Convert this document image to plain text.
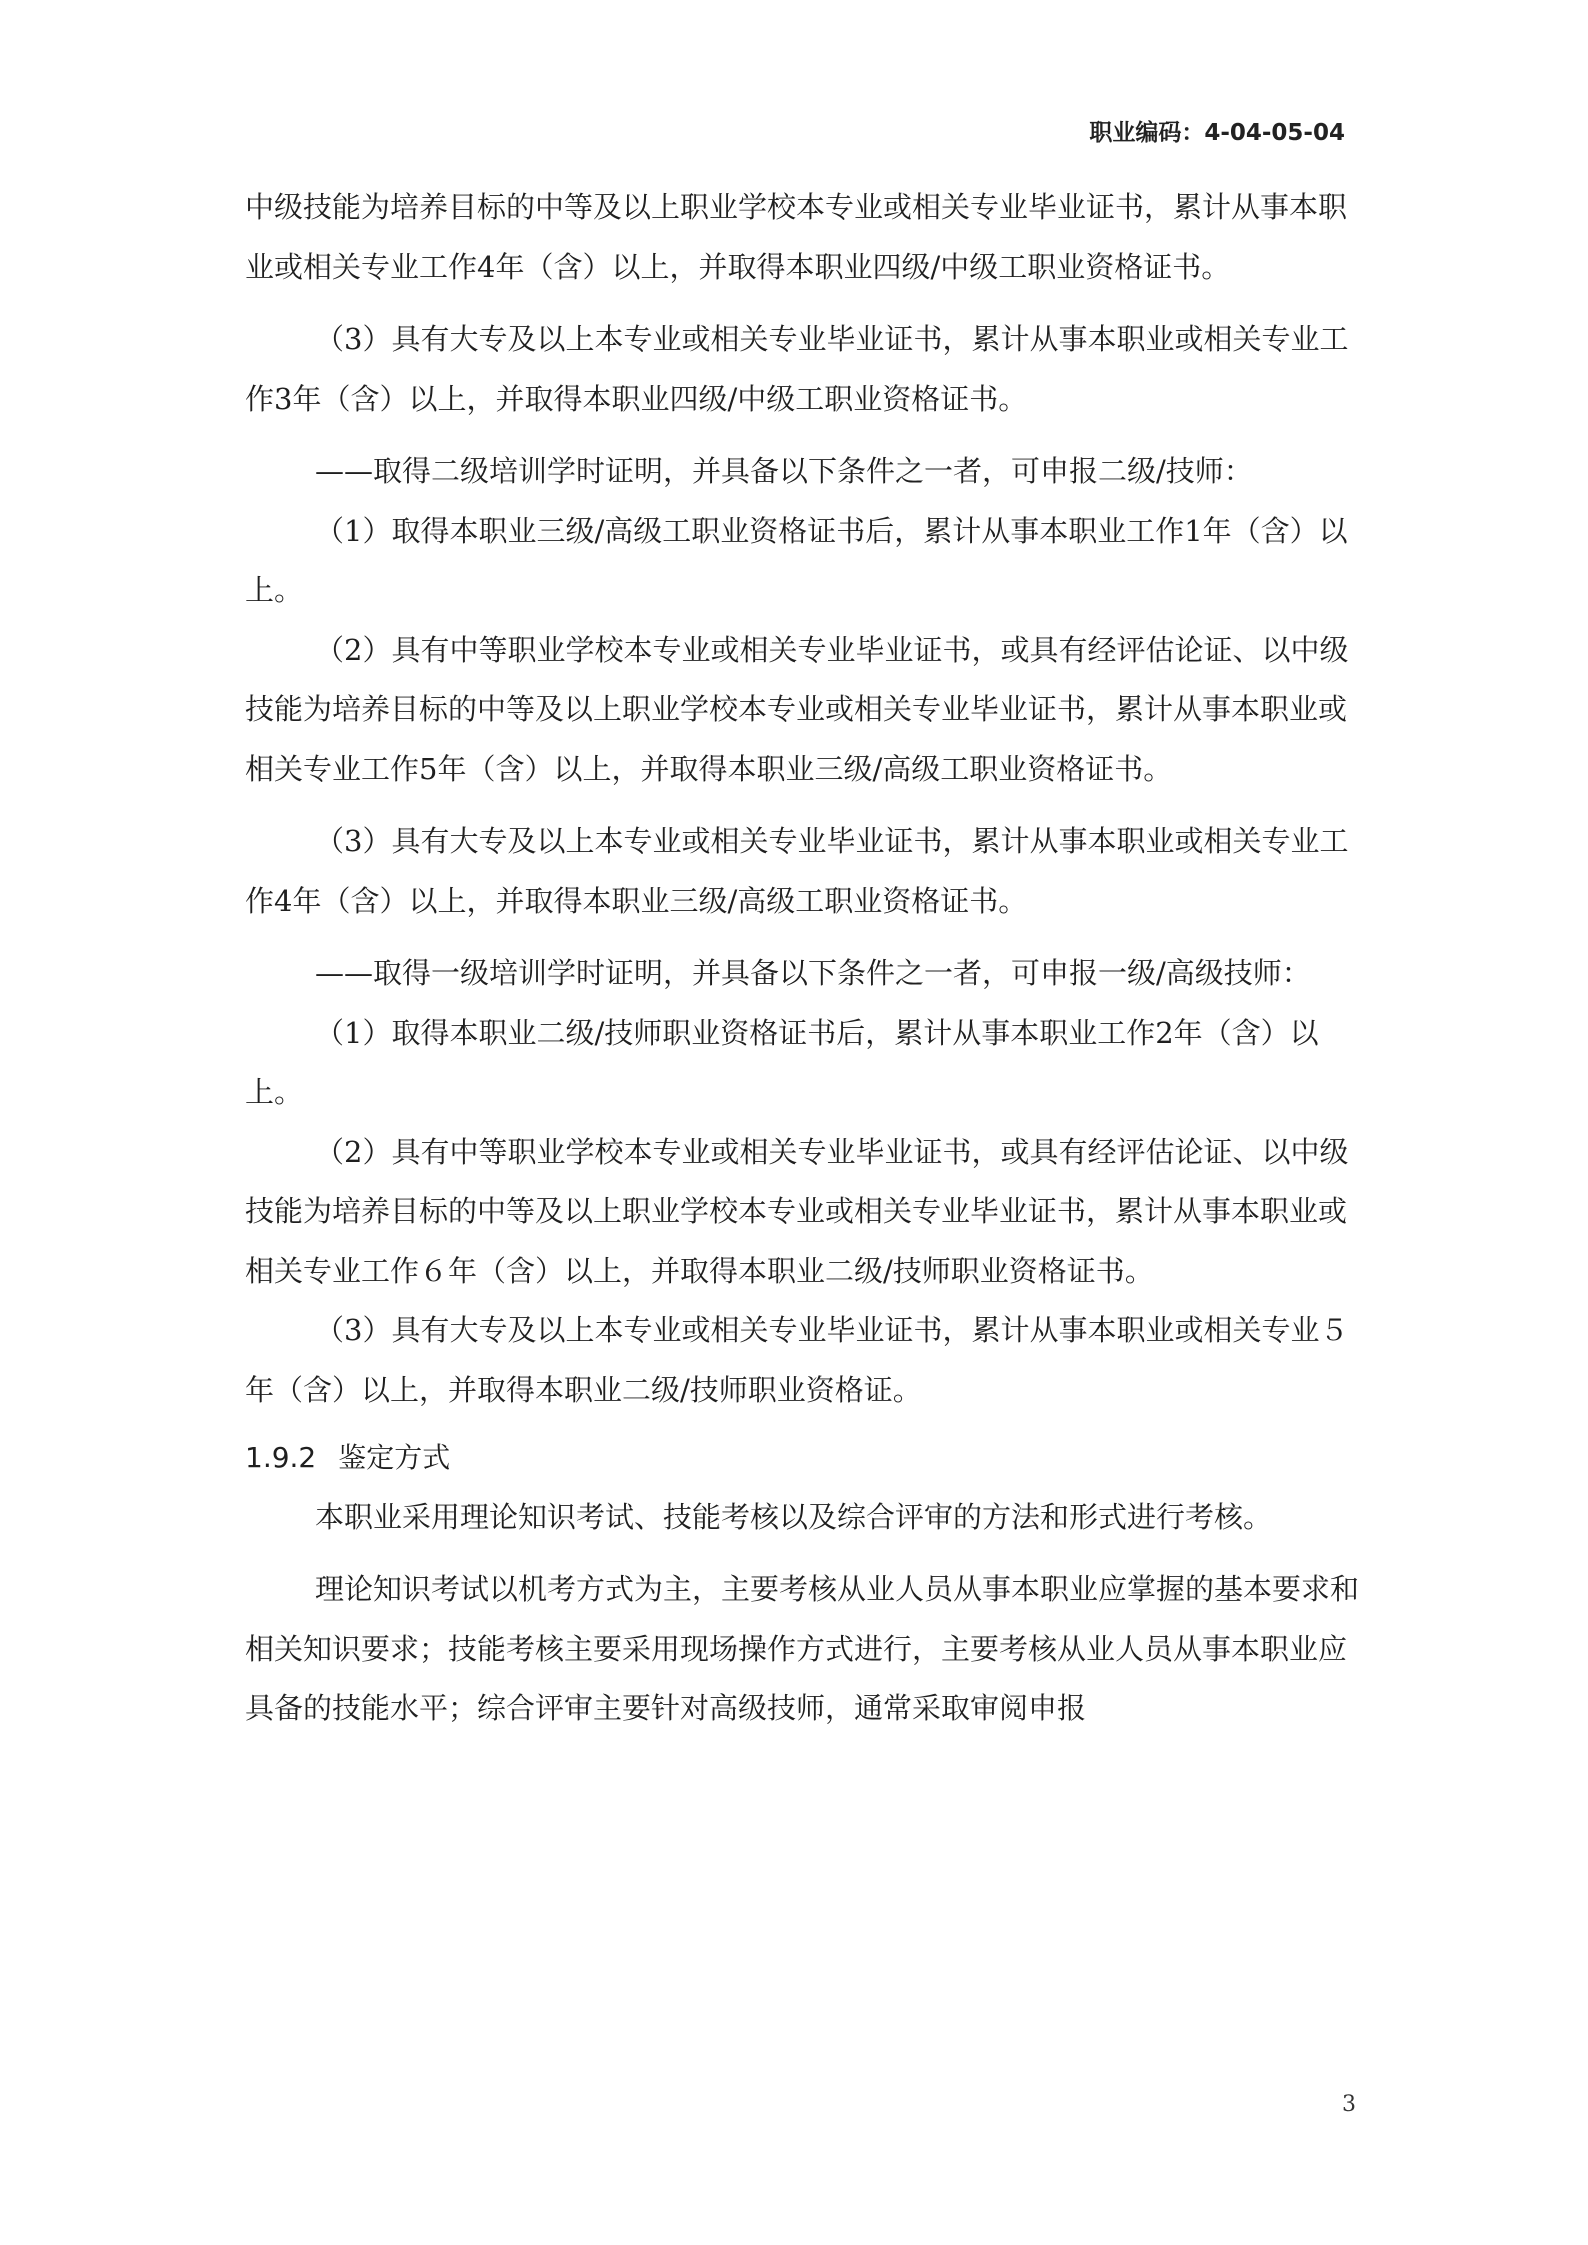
职业编码：4-04-05-04

中级技能为培养目标的中等及以上职业学校本专业或相关专业毕业证书，累计从事本职业或相关专业工作4年（含）以上，并取得本职业四级/中级工职业资格证书。

（3）具有大专及以上本专业或相关专业毕业证书，累计从事本职业或相关专业工作3年（含）以上，并取得本职业四级/中级工职业资格证书。

——取得二级培训学时证明，并具备以下条件之一者，可申报二级/技师：

（1）取得本职业三级/高级工职业资格证书后，累计从事本职业工作1年（含）以上。

（2）具有中等职业学校本专业或相关专业毕业证书，或具有经评估论证、以中级技能为培养目标的中等及以上职业学校本专业或相关专业毕业证书，累计从事本职业或相关专业工作5年（含）以上，并取得本职业三级/高级工职业资格证书。

（3）具有大专及以上本专业或相关专业毕业证书，累计从事本职业或相关专业工作4年（含）以上，并取得本职业三级/高级工职业资格证书。

——取得一级培训学时证明，并具备以下条件之一者，可申报一级/高级技师：

（1）取得本职业二级/技师职业资格证书后，累计从事本职业工作2年（含）以上。

（2）具有中等职业学校本专业或相关专业毕业证书，或具有经评估论证、以中级技能为培养目标的中等及以上职业学校本专业或相关专业毕业证书，累计从事本职业或相关专业工作６年（含）以上，并取得本职业二级/技师职业资格证书。

（3）具有大专及以上本专业或相关专业毕业证书，累计从事本职业或相关专业５年（含）以上，并取得本职业二级/技师职业资格证。

1.9.2 鉴定方式

本职业采用理论知识考试、技能考核以及综合评审的方法和形式进行考核。

理论知识考试以机考方式为主，主要考核从业人员从事本职业应掌握的基本要求和相关知识要求；技能考核主要采用现场操作方式进行，主要考核从业人员从事本职业应具备的技能水平；综合评审主要针对高级技师，通常采取审阅申报

3
